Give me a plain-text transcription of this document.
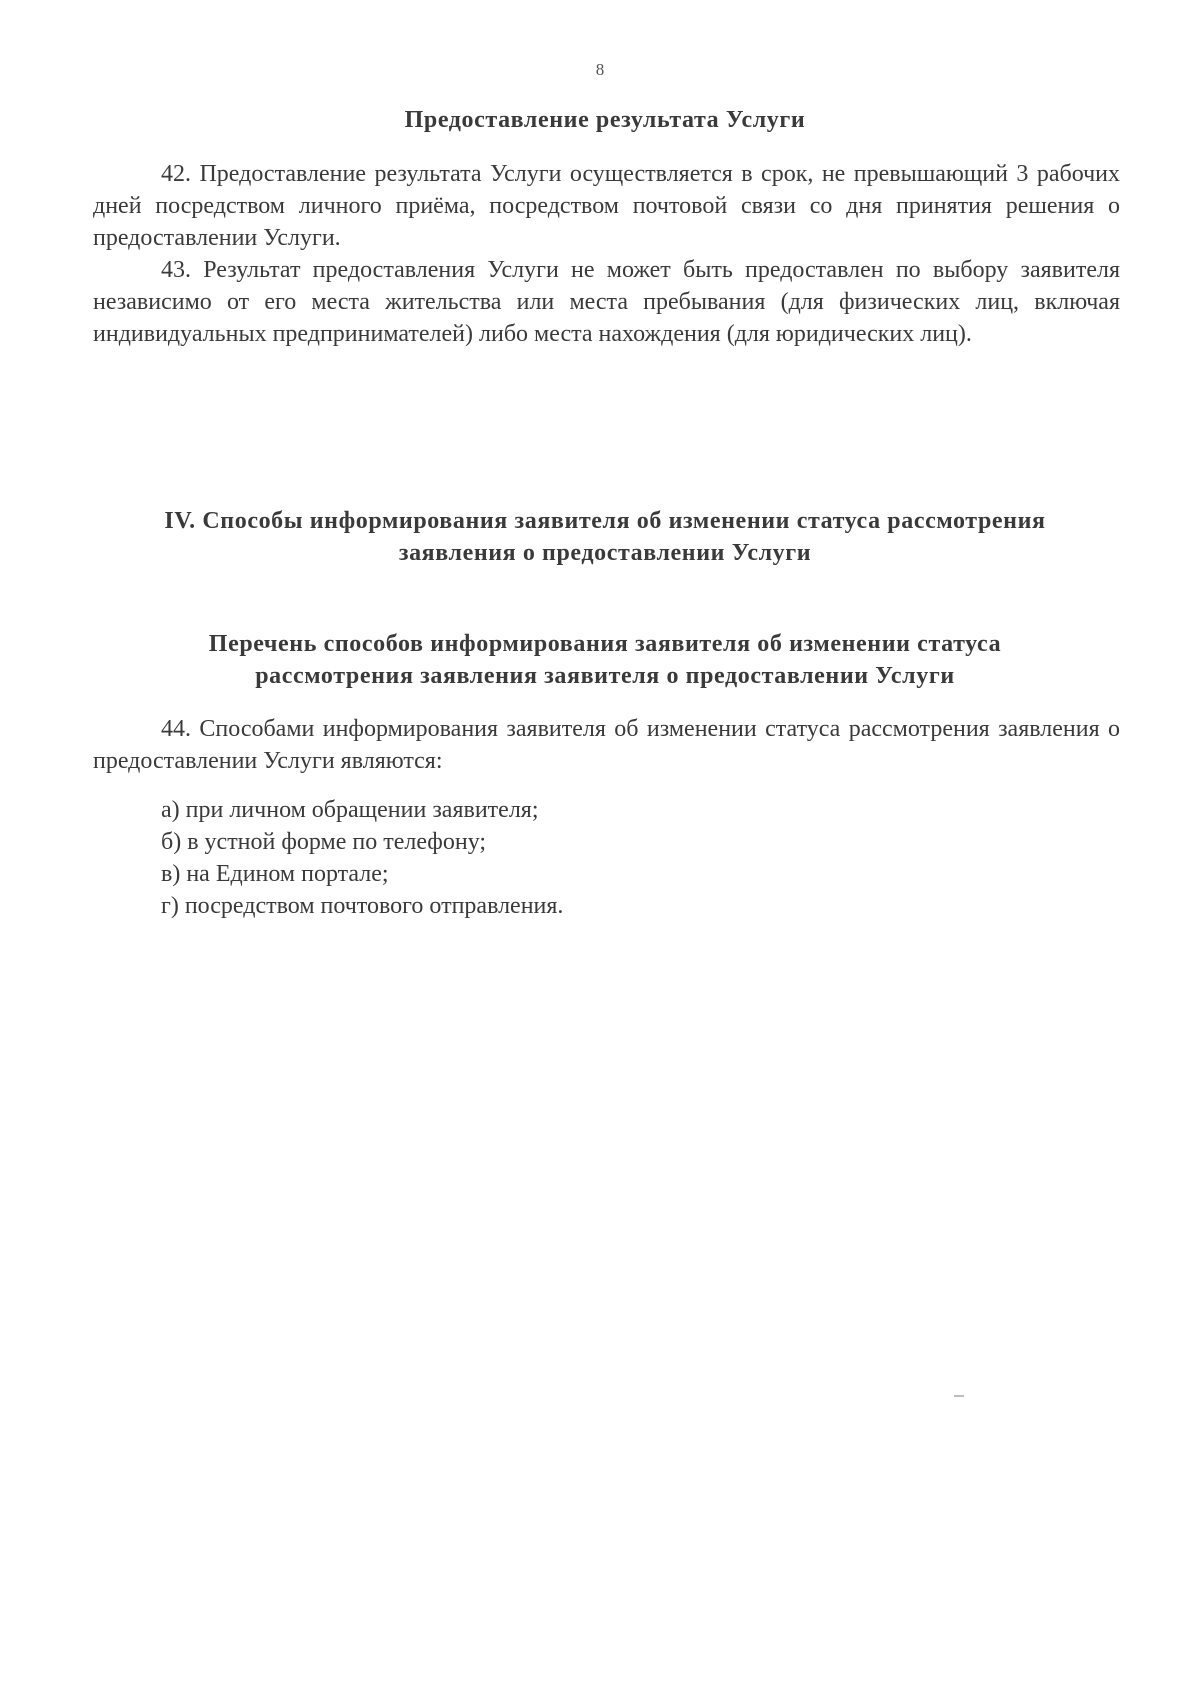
8
Предоставление результата Услуги
42. Предоставление результата Услуги осуществляется в срок, не превышающий 3 рабочих дней посредством личного приёма, посредством почтовой связи со дня принятия решения о предоставлении Услуги.
43. Результат предоставления Услуги не может быть предоставлен по выбору заявителя независимо от его места жительства или места пребывания (для физических лиц, включая индивидуальных предпринимателей) либо места нахождения (для юридических лиц).
IV. Способы информирования заявителя об изменении статуса рассмотрения
заявления о предоставлении Услуги
Перечень способов информирования заявителя об изменении статуса
рассмотрения заявления заявителя о предоставлении Услуги
44. Способами информирования заявителя об изменении статуса рассмотрения заявления о предоставлении Услуги являются:
а) при личном обращении заявителя;
б) в устной форме по телефону;
в) на Едином портале;
г) посредством почтового отправления.
